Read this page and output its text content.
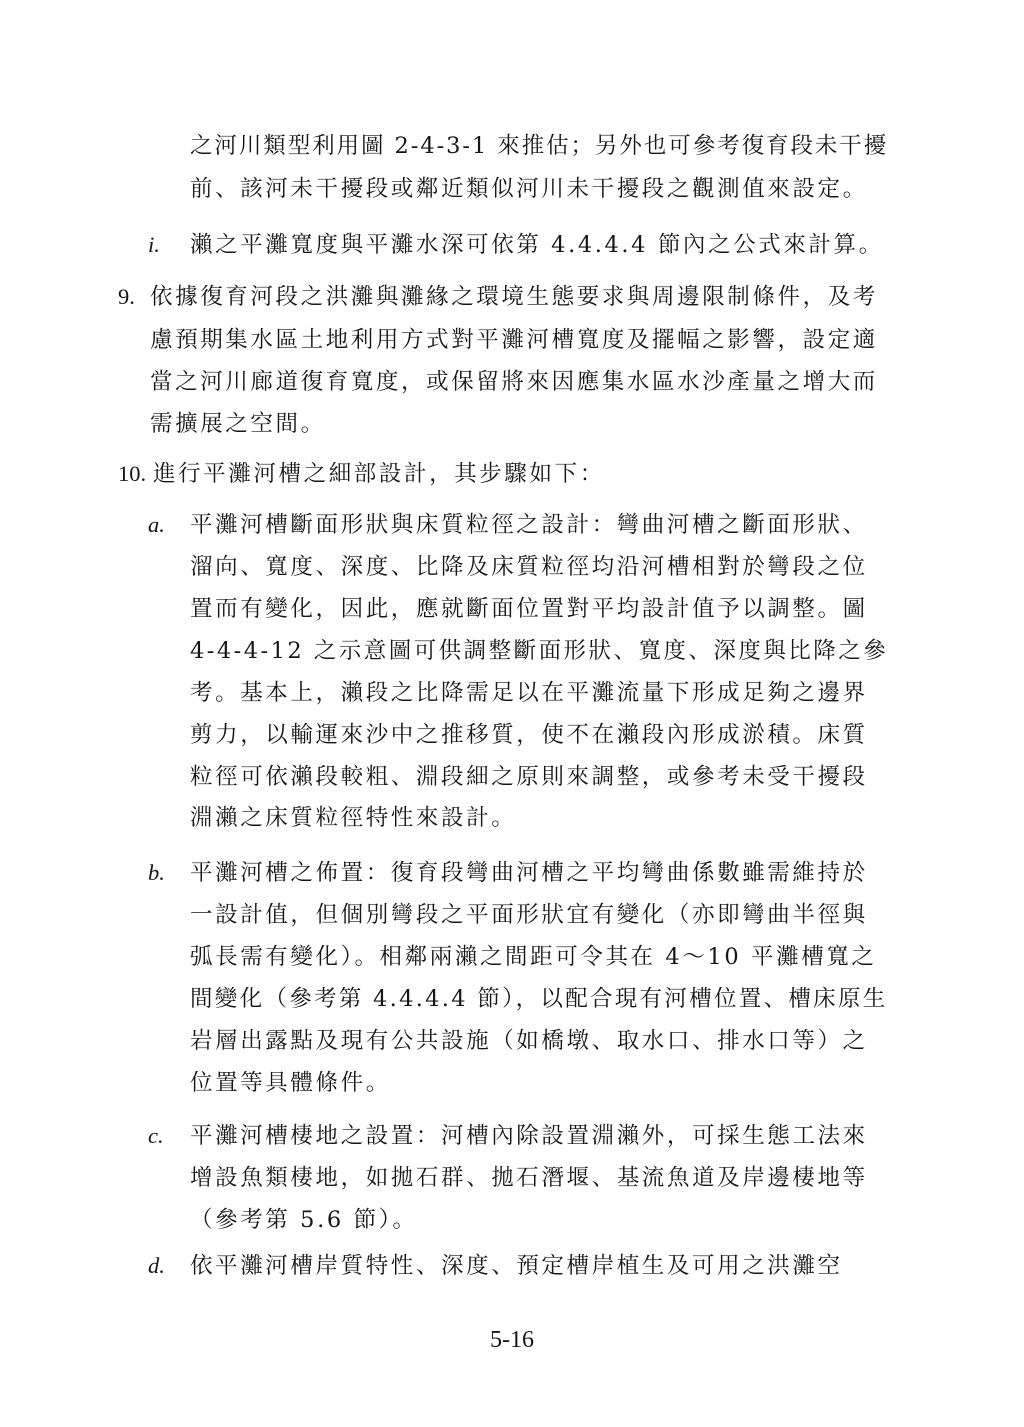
之河川類型利用圖 2-4-3-1 來推估；另外也可參考復育段未干擾
前、該河未干擾段或鄰近類似河川未干擾段之觀測值來設定。
i. 瀨之平灘寬度與平灘水深可依第 4.4.4.4 節內之公式來計算。
9. 依據復育河段之洪灘與灘緣之環境生態要求與周邊限制條件，及考
慮預期集水區土地利用方式對平灘河槽寬度及擺幅之影響，設定適
當之河川廊道復育寬度，或保留將來因應集水區水沙產量之增大而
需擴展之空間。
10. 進行平灘河槽之細部設計，其步驟如下：
a. 平灘河槽斷面形狀與床質粒徑之設計：彎曲河槽之斷面形狀、
溜向、寬度、深度、比降及床質粒徑均沿河槽相對於彎段之位
置而有變化，因此，應就斷面位置對平均設計值予以調整。圖
4-4-4-12 之示意圖可供調整斷面形狀、寬度、深度與比降之參
考。基本上，瀨段之比降需足以在平灘流量下形成足夠之邊界
剪力，以輸運來沙中之推移質，使不在瀨段內形成淤積。床質
粒徑可依瀨段較粗、淵段細之原則來調整，或參考未受干擾段
淵瀨之床質粒徑特性來設計。
b. 平灘河槽之佈置：復育段彎曲河槽之平均彎曲係數雖需維持於
一設計值，但個別彎段之平面形狀宜有變化（亦即彎曲半徑與
弧長需有變化）。相鄰兩瀨之間距可令其在 4～10 平灘槽寬之
間變化（參考第 4.4.4.4 節），以配合現有河槽位置、槽床原生
岩層出露點及現有公共設施（如橋墩、取水口、排水口等）之
位置等具體條件。
c. 平灘河槽棲地之設置：河槽內除設置淵瀨外，可採生態工法來
增設魚類棲地，如拋石群、拋石潛堰、基流魚道及岸邊棲地等
（參考第 5.6 節）。
d. 依平灘河槽岸質特性、深度、預定槽岸植生及可用之洪灘空
5-16
